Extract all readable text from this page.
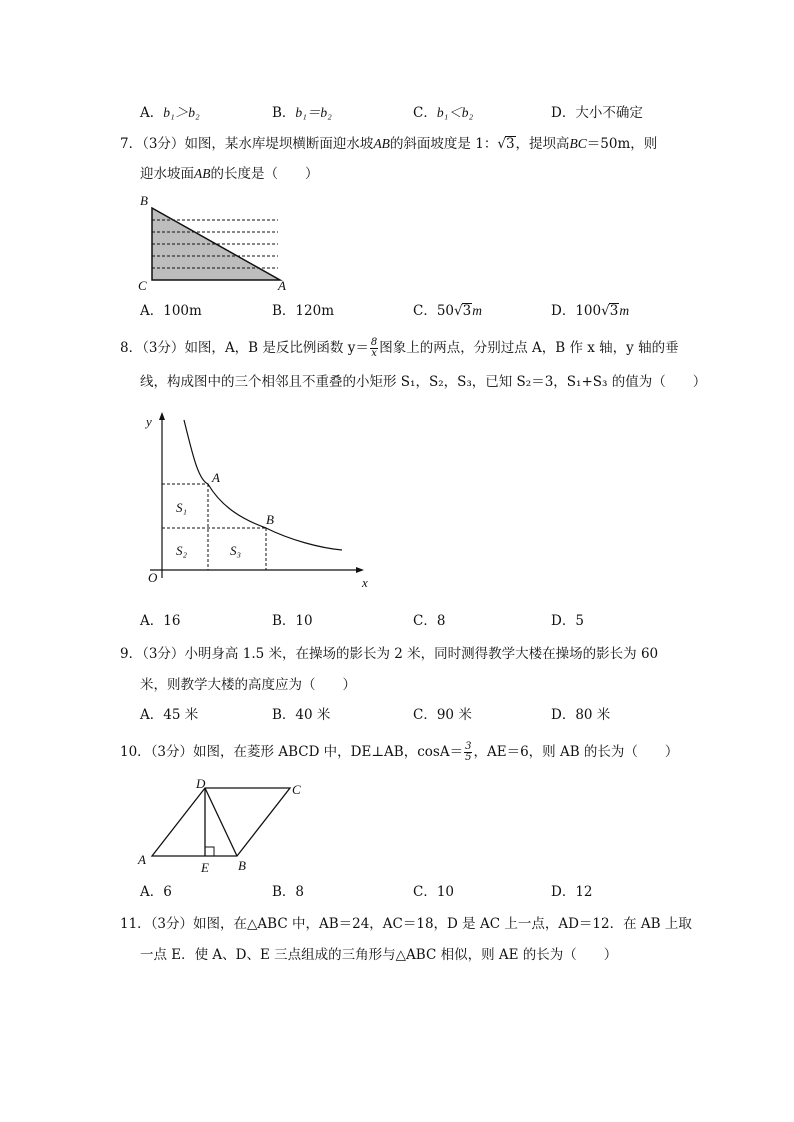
A．b₁＞b₂	B．b₁＝b₂	C．b₁＜b₂	D．大小不确定
7．（3分）如图，某水库堤坝横断面迎水坡AB的斜面坡度是 1：√3，提坝高BC＝50m，则
迎水坡面AB的长度是（　　）
B
C	A
A．100m	B．120m	C．50√3m	D．100√3m
8．（3分）如图，A，B 是反比例函数 $y= \frac{8}{x}$ 图象上的两点，分别过点 A，B 作 x 轴，y 轴的垂
线，构成图中的三个相邻且不重叠的小矩形 S₁，S₂，S₃，已知 S₂＝3，S₁+S₃ 的值为（　　）
y
x
O
A
B
S₁
S₂	S₃
A．16	B．10	C．8	D．5
9．（3分）小明身高 1.5 米，在操场的影长为 2 米，同时测得教学大楼在操场的影长为 60
米，则教学大楼的高度应为（　　）
A．45 米	B．40 米	C．90 米	D．80 米
10．（3分）如图，在菱形 ABCD 中，DE⊥AB，$\cos A= \frac{3}{5}$ ，AE＝6，则 AB 的长为（　　）
D	C
A
E B
A．6	B．8	C．10	D．12
11．（3分）如图，在△ABC 中，AB＝24，AC＝18，D 是 AC 上一点，AD＝12．在 AB 上取
一点 E．使 A、D、E 三点组成的三角形与△ABC 相似，则 AE 的长为（　　）
